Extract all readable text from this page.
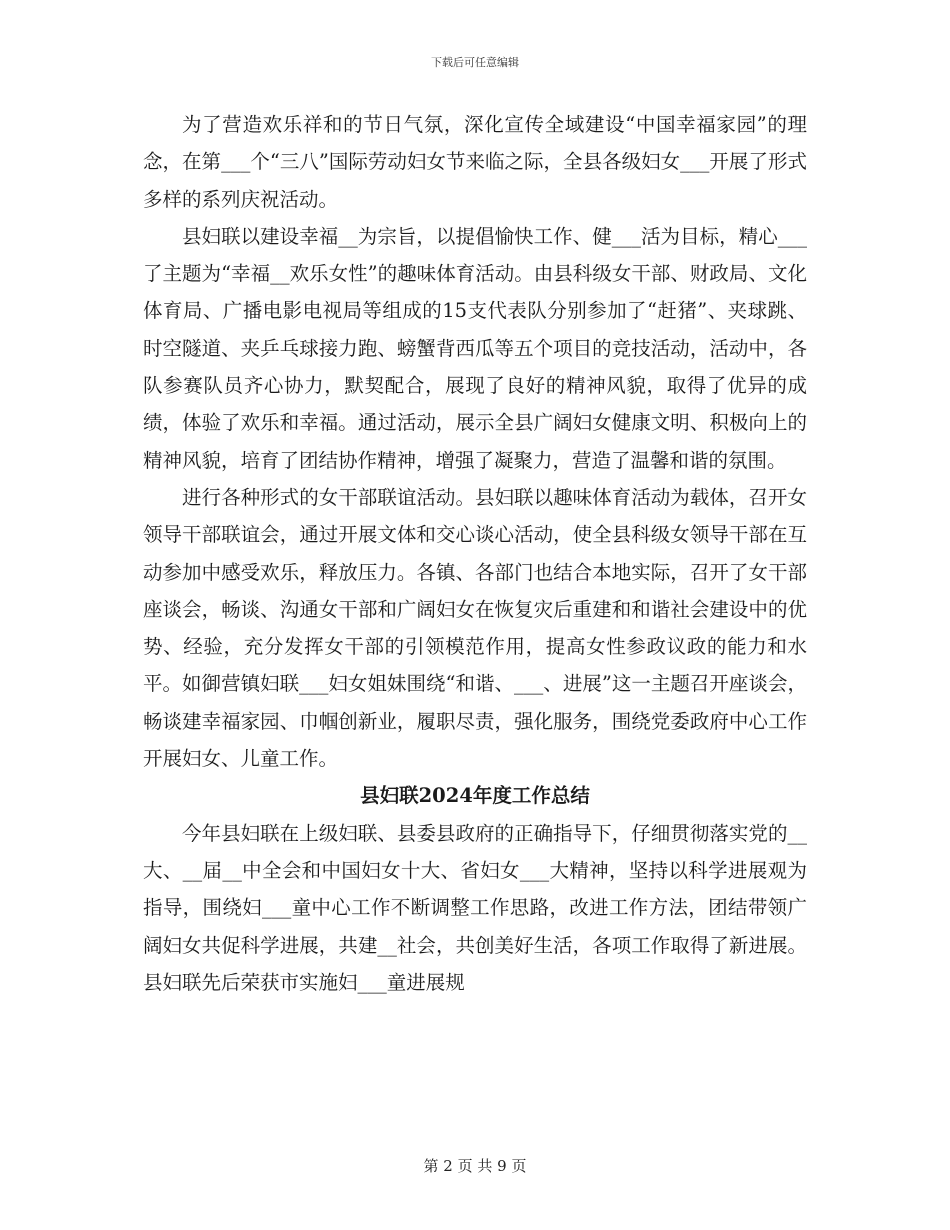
下载后可任意编辑

为了营造欢乐祥和的节日气氛，深化宣传全域建设“中国幸福家园”的理念，在第___个“三八”国际劳动妇女节来临之际，全县各级妇女___开展了形式多样的系列庆祝活动。

县妇联以建设幸福__为宗旨，以提倡愉快工作、健___活为目标，精心___了主题为“幸福__欢乐女性”的趣味体育活动。由县科级女干部、财政局、文化体育局、广播电影电视局等组成的15支代表队分别参加了“赶猪”、夹球跳、时空隧道、夹乒乓球接力跑、螃蟹背西瓜等五个项目的竞技活动，活动中，各队参赛队员齐心协力，默契配合，展现了良好的精神风貌，取得了优异的成绩，体验了欢乐和幸福。通过活动，展示全县广阔妇女健康文明、积极向上的精神风貌，培育了团结协作精神，增强了凝聚力，营造了温馨和谐的氛围。

进行各种形式的女干部联谊活动。县妇联以趣味体育活动为载体，召开女领导干部联谊会，通过开展文体和交心谈心活动，使全县科级女领导干部在互动参加中感受欢乐，释放压力。各镇、各部门也结合本地实际，召开了女干部座谈会，畅谈、沟通女干部和广阔妇女在恢复灾后重建和和谐社会建设中的优势、经验，充分发挥女干部的引领模范作用，提高女性参政议政的能力和水平。如御营镇妇联___妇女姐妹围绕“和谐、___、进展”这一主题召开座谈会，畅谈建幸福家园、巾帼创新业，履职尽责，强化服务，围绕党委政府中心工作开展妇女、儿童工作。

县妇联2024年度工作总结

今年县妇联在上级妇联、县委县政府的正确指导下，仔细贯彻落实党的__大、__届__中全会和中国妇女十大、省妇女___大精神，坚持以科学进展观为指导，围绕妇___童中心工作不断调整工作思路，改进工作方法，团结带领广阔妇女共促科学进展，共建__社会，共创美好生活，各项工作取得了新进展。县妇联先后荣获市实施妇___童进展规

第 2 页 共 9 页
